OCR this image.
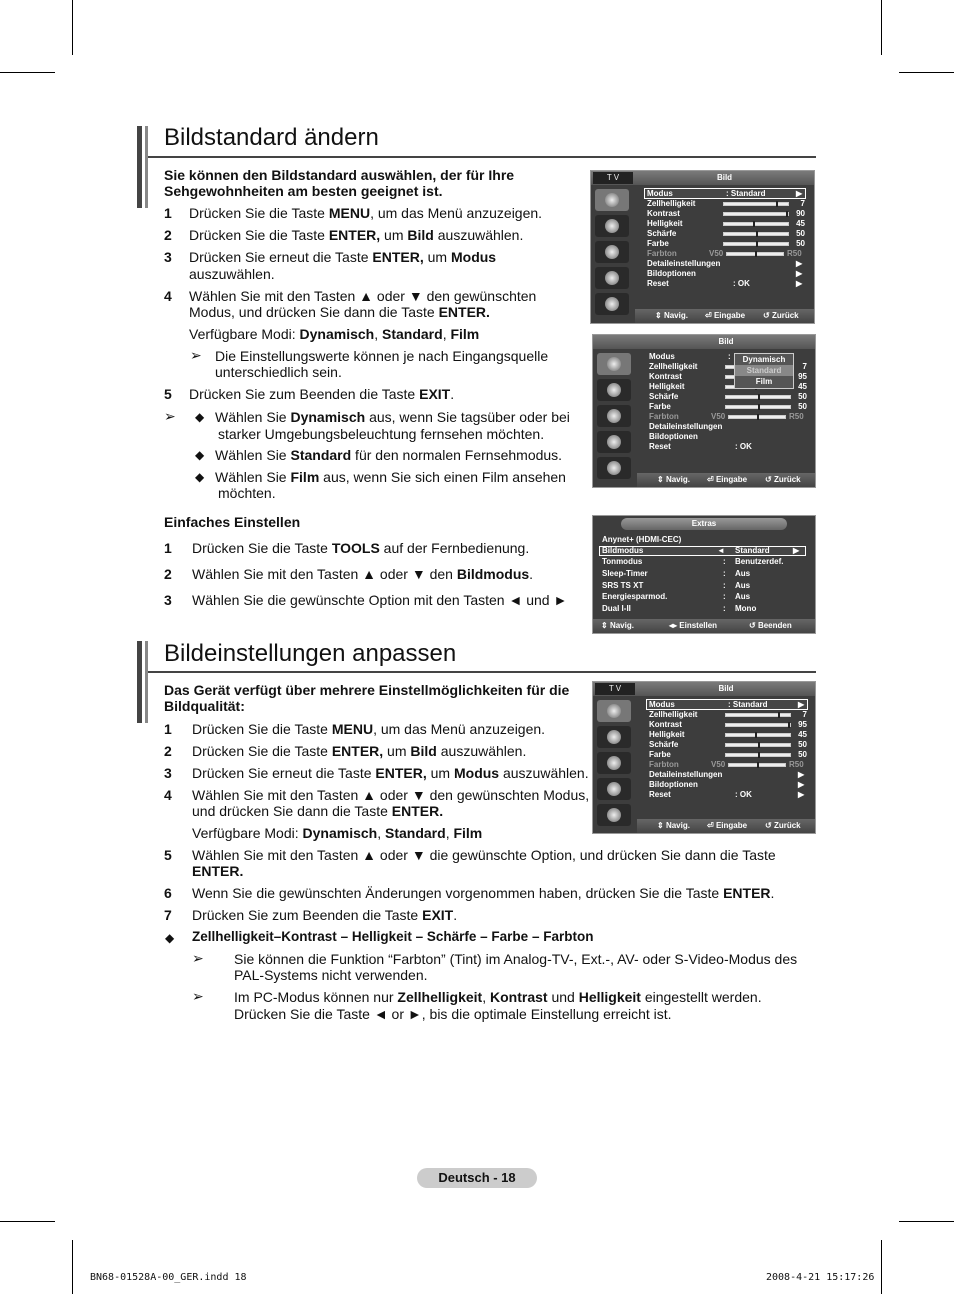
Bildstandard ändern
Sie können den Bildstandard auswählen, der für Ihre Sehgewohnheiten am besten geeignet ist.
1 Drücken Sie die Taste MENU, um das Menü anzuzeigen.
2 Drücken Sie die Taste ENTER, um Bild auszuwählen.
3 Drücken Sie erneut die Taste ENTER, um Modus
auszuwählen.
4 Wählen Sie mit den Tasten ▲ oder ▼ den gewünschten
Modus, und drücken Sie dann die Taste ENTER.
Verfügbare Modi: Dynamisch, Standard, Film
➢ Die Einstellungswerte können je nach Eingangsquelle unterschiedlich sein.
5 Drücken Sie zum Beenden die Taste EXIT.
➢ ◆ Wählen Sie Dynamisch aus, wenn Sie tagsüber oder bei
starker Umgebungsbeleuchtung fernsehen möchten.
◆ Wählen Sie Standard für den normalen Fernsehmodus.
◆ Wählen Sie Film aus, wenn Sie sich einen Film ansehen
möchten.
Einfaches Einstellen
1 Drücken Sie die Taste TOOLS auf der Fernbedienung.
2 Wählen Sie mit den Tasten ▲ oder ▼ den Bildmodus.
3 Wählen Sie die gewünschte Option mit den Tasten ◄ und ►
Bildeinstellungen anpassen
Das Gerät verfügt über mehrere Einstellmöglichkeiten für die Bildqualität:
1 Drücken Sie die Taste MENU, um das Menü anzuzeigen.
2 Drücken Sie die Taste ENTER, um Bild auszuwählen.
3 Drücken Sie erneut die Taste ENTER, um Modus auszuwählen.
4 Wählen Sie mit den Tasten ▲ oder ▼ den gewünschten Modus,
und drücken Sie dann die Taste ENTER.
Verfügbare Modi: Dynamisch, Standard, Film
5 Wählen Sie mit den Tasten ▲ oder ▼ die gewünschte Option, und drücken Sie dann die Taste
ENTER.
6 Wenn Sie die gewünschten Änderungen vorgenommen haben, drücken Sie die Taste ENTER.
7 Drücken Sie zum Beenden die Taste EXIT.
◆ Zellhelligkeit–Kontrast – Helligkeit – Schärfe – Farbe – Farbton
➢ Sie können die Funktion “Farbton” (Tint) im Analog-TV-, Ext.-, AV- oder S-Video-Modus des
PAL-Systems nicht verwenden.
➢ Im PC-Modus können nur Zellhelligkeit, Kontrast und Helligkeit eingestellt werden.
Drücken Sie die Taste ◄ or ►, bis die optimale Einstellung erreicht ist.
T V	Bild
Modus	: Standard	▶
Zellhelligkeit	7
Kontrast	90
Helligkeit	45
Schärfe	50
Farbe	50
Farbton	V50	R50
Detaileinstellungen	▶
Bildoptionen	▶
Reset	: OK	▶
⇕ Navig. ⏎ Eingabe ↺ Zurück
Bild
Modus	:
Zellhelligkeit	7
Kontrast	95
Helligkeit	45
Schärfe	50
Farbe	50
Farbton	V50	R50
Detaileinstellungen
Bildoptionen
Reset	: OK
Dynamisch
Standard
Film
⇕ Navig. ⏎ Eingabe ↺ Zurück
Extras
Anynet+ (HDMI-CEC)
Bildmodus	◄ Standard	▶
Tonmodus	: Benutzerdef.
Sleep-Timer	: Aus
SRS TS XT	: Aus
Energiesparmod.	: Aus
Dual I-II	: Mono
⇕ Navig.	◂▸ Einstellen	↺ Beenden
T V	Bild
Modus	: Standard	▶
Zellhelligkeit	7
Kontrast	95
Helligkeit	45
Schärfe	50
Farbe	50
Farbton	V50	R50
Detaileinstellungen	▶
Bildoptionen	▶
Reset	: OK	▶
⇕ Navig. ⏎ Eingabe ↺ Zurück
Deutsch - 18
BN68-01528A-00_GER.indd 18	2008-4-21 15:17:26
